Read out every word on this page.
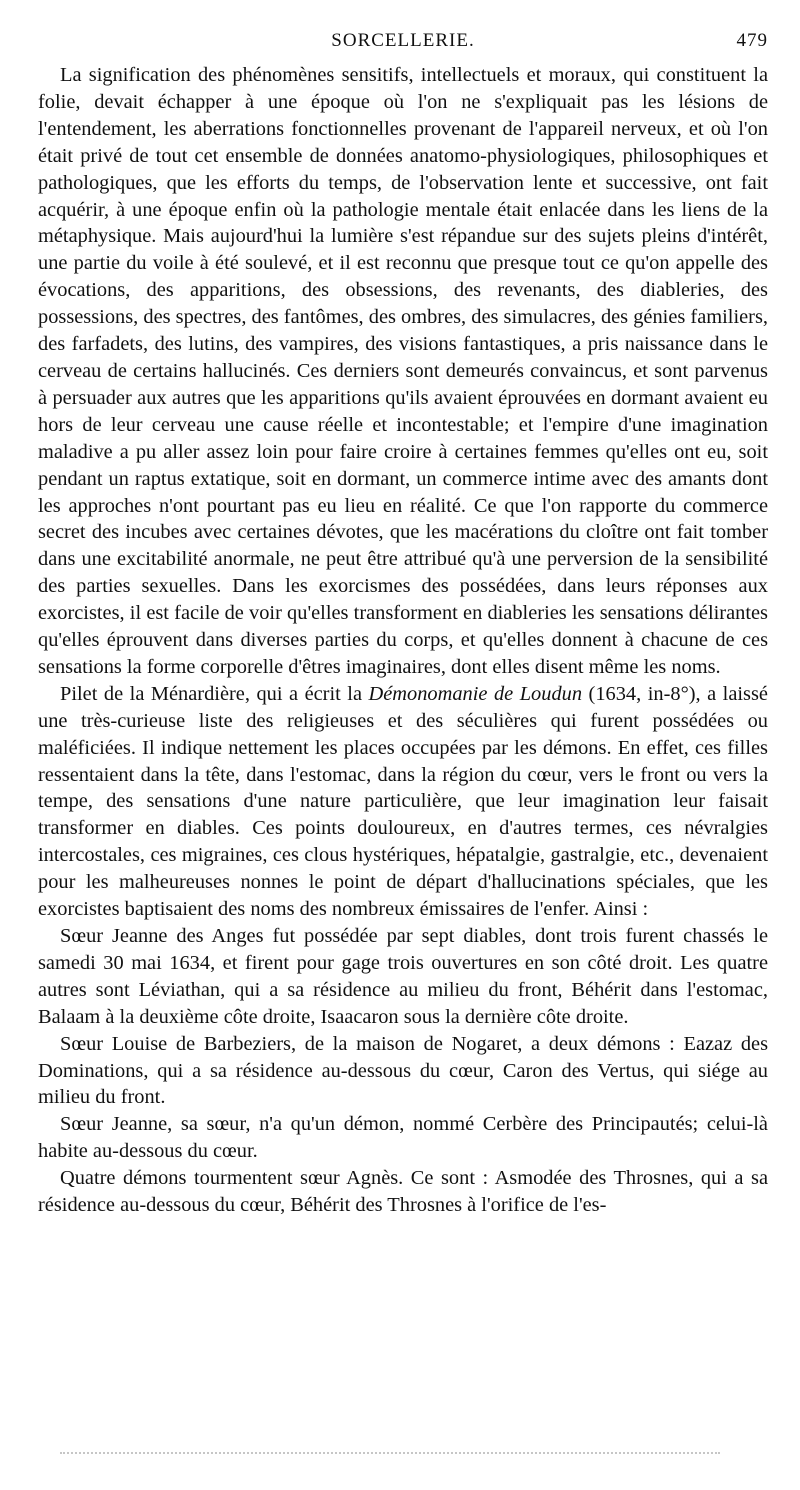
SORCELLERIE.	479

La signification des phénomènes sensitifs, intellectuels et moraux, qui constituent la folie, devait échapper à une époque où l'on ne s'expliquait pas les lésions de l'entendement, les aberrations fonctionnelles provenant de l'appareil nerveux, et où l'on était privé de tout cet ensemble de données anatomo-physiologiques, philosophiques et pathologiques, que les efforts du temps, de l'observation lente et successive, ont fait acquérir, à une époque enfin où la pathologie mentale était enlacée dans les liens de la métaphysique. Mais aujourd'hui la lumière s'est répandue sur des sujets pleins d'intérêt, une partie du voile à été soulevé, et il est reconnu que presque tout ce qu'on appelle des évocations, des apparitions, des obsessions, des revenants, des diableries, des possessions, des spectres, des fantômes, des ombres, des simulacres, des génies familiers, des farfadets, des lutins, des vampires, des visions fantastiques, a pris naissance dans le cerveau de certains hallucinés. Ces derniers sont demeurés convaincus, et sont parvenus à persuader aux autres que les apparitions qu'ils avaient éprouvées en dormant avaient eu hors de leur cerveau une cause réelle et incontestable; et l'empire d'une imagination maladive a pu aller assez loin pour faire croire à certaines femmes qu'elles ont eu, soit pendant un raptus extatique, soit en dormant, un commerce intime avec des amants dont les approches n'ont pourtant pas eu lieu en réalité. Ce que l'on rapporte du commerce secret des incubes avec certaines dévotes, que les macérations du cloître ont fait tomber dans une excitabilité anormale, ne peut être attribué qu'à une perversion de la sensibilité des parties sexuelles. Dans les exorcismes des possédées, dans leurs réponses aux exorcistes, il est facile de voir qu'elles transforment en diableries les sensations délirantes qu'elles éprouvent dans diverses parties du corps, et qu'elles donnent à chacune de ces sensations la forme corporelle d'êtres imaginaires, dont elles disent même les noms.

Pilet de la Ménardière, qui a écrit la Démonomanie de Loudun (1634, in-8°), a laissé une très-curieuse liste des religieuses et des séculières qui furent possédées ou maléficiées. Il indique nettement les places occupées par les démons. En effet, ces filles ressentaient dans la tête, dans l'estomac, dans la région du cœur, vers le front ou vers la tempe, des sensations d'une nature particulière, que leur imagination leur faisait transformer en diables. Ces points douloureux, en d'autres termes, ces névralgies intercostales, ces migraines, ces clous hystériques, hépatalgie, gastralgie, etc., devenaient pour les malheureuses nonnes le point de départ d'hallucinations spéciales, que les exorcistes baptisaient des noms des nombreux émissaires de l'enfer. Ainsi :

Sœur Jeanne des Anges fut possédée par sept diables, dont trois furent chassés le samedi 30 mai 1634, et firent pour gage trois ouvertures en son côté droit. Les quatre autres sont Léviathan, qui a sa résidence au milieu du front, Béhérit dans l'estomac, Balaam à la deuxième côte droite, Isaacaron sous la dernière côte droite.

Sœur Louise de Barbeziers, de la maison de Nogaret, a deux démons : Eazaz des Dominations, qui a sa résidence au-dessous du cœur, Caron des Vertus, qui siége au milieu du front.

Sœur Jeanne, sa sœur, n'a qu'un démon, nommé Cerbère des Principautés; celui-là habite au-dessous du cœur.

Quatre démons tourmentent sœur Agnès. Ce sont : Asmodée des Throsnes, qui a sa résidence au-dessous du cœur, Béhérit des Throsnes à l'orifice de l'es-
